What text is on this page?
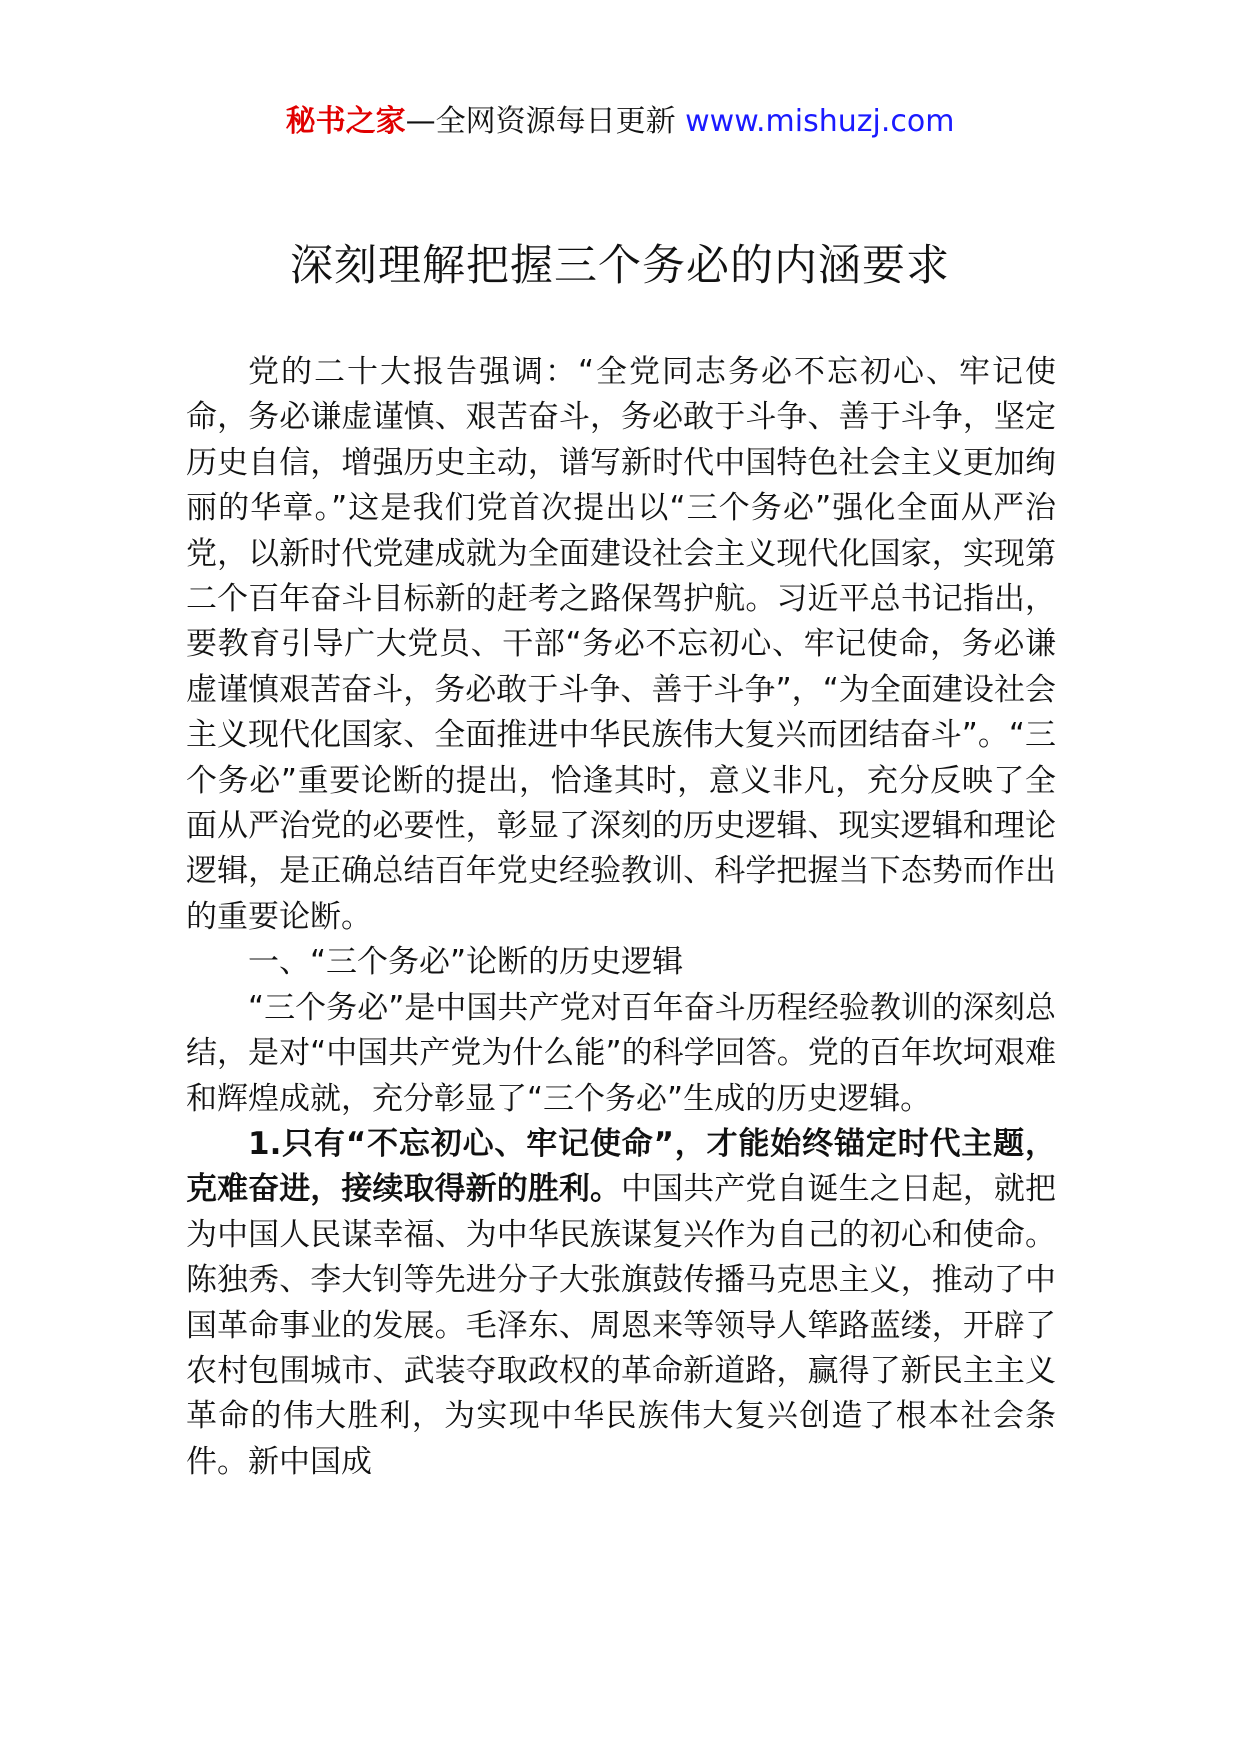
秘书之家—全网资源每日更新 www.mishuzj.com
深刻理解把握三个务必的内涵要求

党的二十大报告强调：“全党同志务必不忘初心、牢记使命，务必谦虚谨慎、艰苦奋斗，务必敢于斗争、善于斗争，坚定历史自信，增强历史主动，谱写新时代中国特色社会主义更加绚丽的华章。”这是我们党首次提出以“三个务必”强化全面从严治党，以新时代党建成就为全面建设社会主义现代化国家，实现第二个百年奋斗目标新的赶考之路保驾护航。习近平总书记指出，要教育引导广大党员、干部“务必不忘初心、牢记使命，务必谦虚谨慎艰苦奋斗，务必敢于斗争、善于斗争”，“为全面建设社会主义现代化国家、全面推进中华民族伟大复兴而团结奋斗”。“三个务必”重要论断的提出，恰逢其时，意义非凡，充分反映了全面从严治党的必要性，彰显了深刻的历史逻辑、现实逻辑和理论逻辑，是正确总结百年党史经验教训、科学把握当下态势而作出的重要论断。

一、“三个务必”论断的历史逻辑

“三个务必”是中国共产党对百年奋斗历程经验教训的深刻总结，是对“中国共产党为什么能”的科学回答。党的百年坎坷艰难和辉煌成就，充分彰显了“三个务必”生成的历史逻辑。

1.只有“不忘初心、牢记使命”，才能始终锚定时代主题，克难奋进，接续取得新的胜利。中国共产党自诞生之日起，就把为中国人民谋幸福、为中华民族谋复兴作为自己的初心和使命。陈独秀、李大钊等先进分子大张旗鼓传播马克思主义，推动了中国革命事业的发展。毛泽东、周恩来等领导人筚路蓝缕，开辟了农村包围城市、武装夺取政权的革命新道路，赢得了新民主主义革命的伟大胜利，为实现中华民族伟大复兴创造了根本社会条件。新中国成
